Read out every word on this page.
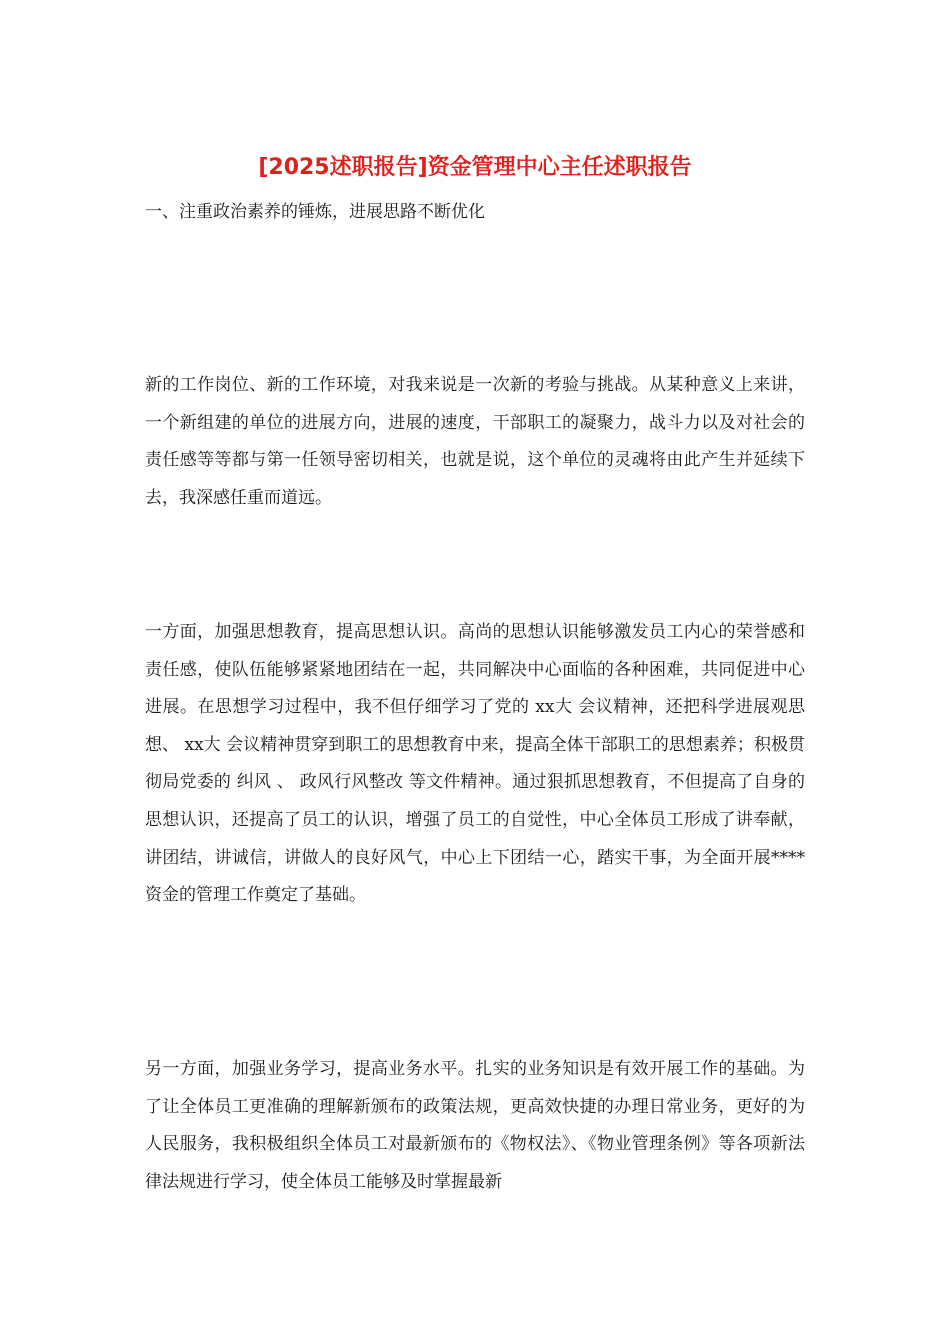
[2025述职报告]资金管理中心主任述职报告

一、注重政治素养的锤炼，进展思路不断优化

新的工作岗位、新的工作环境，对我来说是一次新的考验与挑战。从某种意义上来讲，一个新组建的单位的进展方向，进展的速度，干部职工的凝聚力，战斗力以及对社会的责任感等等都与第一任领导密切相关，也就是说，这个单位的灵魂将由此产生并延续下去，我深感任重而道远。

一方面，加强思想教育，提高思想认识。高尚的思想认识能够激发员工内心的荣誉感和责任感，使队伍能够紧紧地团结在一起，共同解决中心面临的各种困难，共同促进中心进展。在思想学习过程中，我不但仔细学习了党的 xx大 会议精神，还把科学进展观思想、 xx大 会议精神贯穿到职工的思想教育中来，提高全体干部职工的思想素养；积极贯彻局党委的 纠风 、 政风行风整改 等文件精神。通过狠抓思想教育，不但提高了自身的思想认识，还提高了员工的认识，增强了员工的自觉性，中心全体员工形成了讲奉献，讲团结，讲诚信，讲做人的良好风气，中心上下团结一心，踏实干事，为全面开展****资金的管理工作奠定了基础。

另一方面，加强业务学习，提高业务水平。扎实的业务知识是有效开展工作的基础。为了让全体员工更准确的理解新颁布的政策法规，更高效快捷的办理日常业务，更好的为人民服务，我积极组织全体员工对最新颁布的《物权法》、《物业管理条例》等各项新法律法规进行学习，使全体员工能够及时掌握最新
